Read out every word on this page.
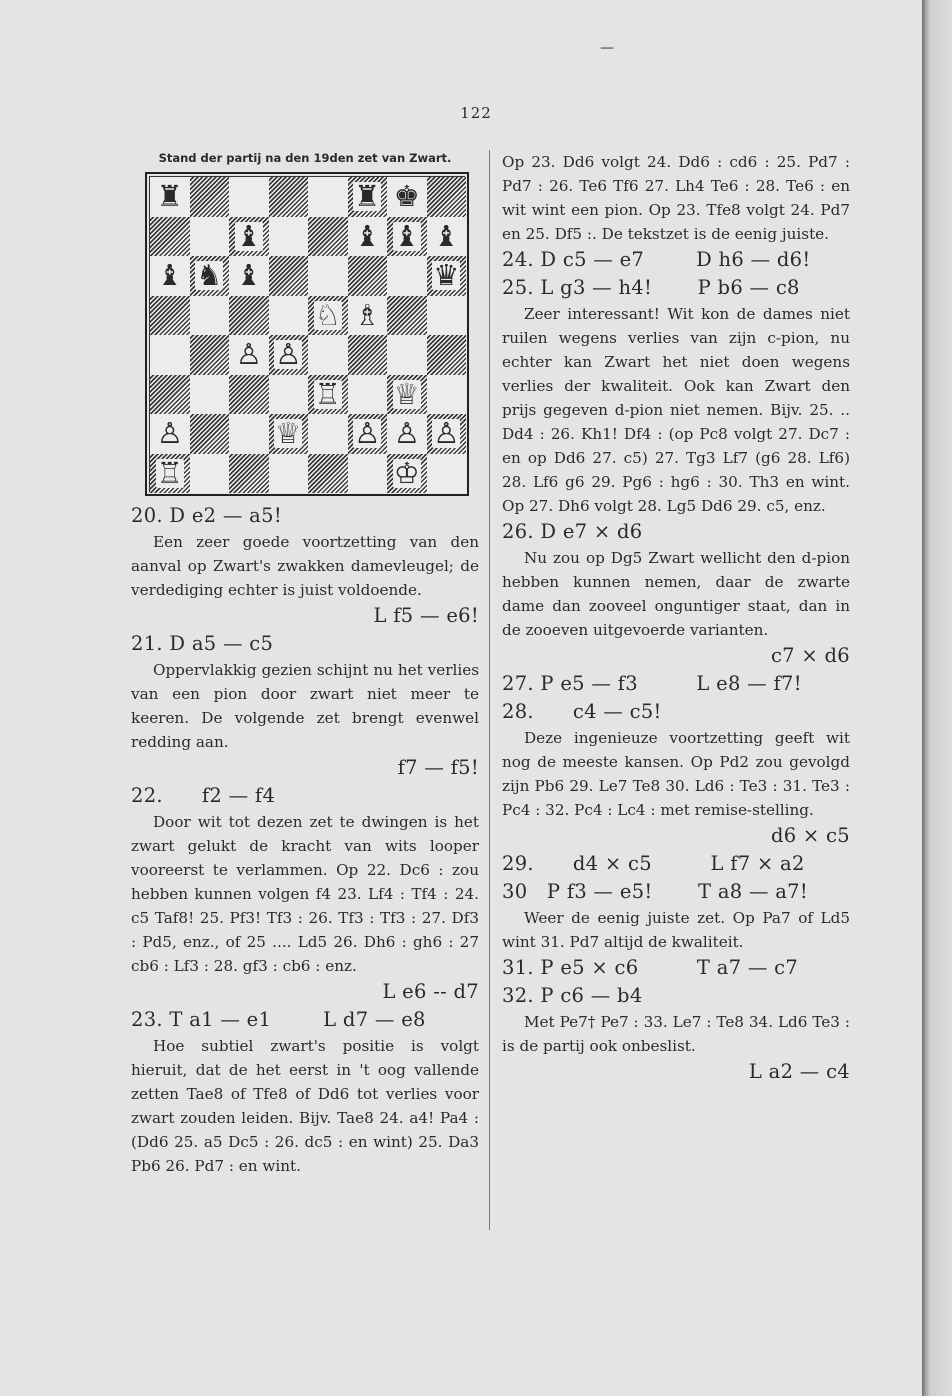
—
122
Stand der partij na den 19den zet van Zwart.
♜	♜ ♚
♝	♝ ♝ ♝
♝ ♞ ♝	♛
♘ ♗
♙ ♙
♖ ♕
♙	♕ ♙ ♙ ♙
♖	♔
20. D e2 — a5!
Een zeer goede voortzetting van den aanval op Zwart's zwakken damevleugel; de verdediging echter is juist voldoende.
L f5 — e6!
21. D a5 — c5
Oppervlakkig gezien schijnt nu het verlies van een pion door zwart niet meer te keeren. De volgende zet brengt evenwel redding aan.
f7 — f5!
22.      f2 — f4
Door wit tot dezen zet te dwingen is het zwart gelukt de kracht van wits looper vooreerst te verlammen. Op 22. Dc6 : zou hebben kunnen volgen f4 23. Lf4 : Tf4 : 24. c5 Taf8! 25. Pf3! Tf3 : 26. Tf3 : Tf3 : 27. Df3 : Pd5, enz., of 25 .... Ld5 26. Dh6 : gh6 : 27 cb6 : Lf3 : 28. gf3 : cb6 : enz.
L e6 -- d7
23. T a1 — e1        L d7 — e8
Hoe subtiel zwart's positie is volgt hieruit, dat de het eerst in 't oog vallende zetten Tae8 of Tfe8 of Dd6 tot verlies voor zwart zouden leiden. Bijv. Tae8 24. a4! Pa4 : (Dd6 25. a5 Dc5 : 26. dc5 : en wint) 25. Da3 Pb6 26. Pd7 : en wint.
Op 23. Dd6 volgt 24. Dd6 : cd6 : 25. Pd7 : Pd7 : 26. Te6 Tf6 27. Lh4 Te6 : 28. Te6 : en wit wint een pion. Op 23. Tfe8 volgt 24. Pd7 en 25. Df5 :. De tekstzet is de eenig juiste.
24. D c5 — e7        D h6 — d6!
25. L g3 — h4!       P b6 — c8
Zeer interessant! Wit kon de dames niet ruilen wegens verlies van zijn c-pion, nu echter kan Zwart het niet doen wegens verlies der kwaliteit. Ook kan Zwart den prijs gegeven d-pion niet nemen. Bijv. 25. .. Dd4 : 26. Kh1! Df4 : (op Pc8 volgt 27. Dc7 : en op Dd6 27. c5) 27. Tg3 Lf7 (g6 28. Lf6) 28. Lf6 g6 29. Pg6 : hg6 : 30. Th3 en wint. Op 27. Dh6 volgt 28. Lg5 Dd6 29. c5, enz.
26. D e7 × d6
Nu zou op Dg5 Zwart wellicht den d-pion hebben kunnen nemen, daar de zwarte dame dan zooveel onguntiger staat, dan in de zooeven uitgevoerde varianten.
c7 × d6
27. P e5 — f3         L e8 — f7!
28.      c4 — c5!
Deze ingenieuze voortzetting geeft wit nog de meeste kansen. Op Pd2 zou gevolgd zijn Pb6 29. Le7 Te8 30. Ld6 : Te3 : 31. Te3 : Pc4 : 32. Pc4 : Lc4 : met remise-stelling.
d6 × c5
29.      d4 × c5         L f7 × a2
30   P f3 — e5!       T a8 — a7!
Weer de eenig juiste zet. Op Pa7 of Ld5 wint 31. Pd7 altijd de kwaliteit.
31. P e5 × c6         T a7 — c7
32. P c6 — b4
Met Pe7† Pe7 : 33. Le7 : Te8 34. Ld6 Te3 : is de partij ook onbeslist.
L a2 — c4
